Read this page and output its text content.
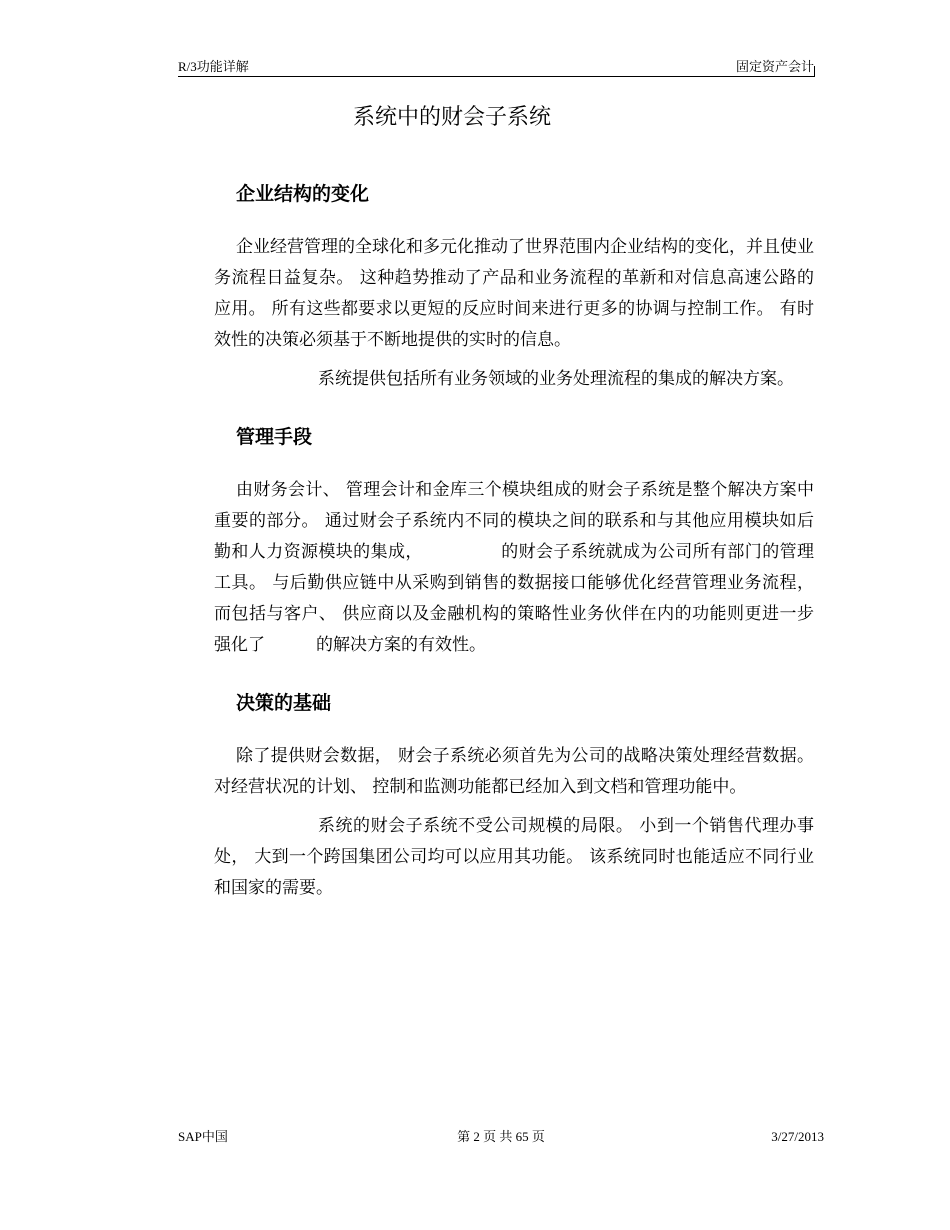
R/3功能详解	固定资产会计
系统中的财会子系统
企业结构的变化

企业经营管理的全球化和多元化推动了世界范围内企业结构的变化，并且使业务流程日益复杂。 这种趋势推动了产品和业务流程的革新和对信息高速公路的应用。 所有这些都要求以更短的反应时间来进行更多的协调与控制工作。 有时效性的决策必须基于不断地提供的实时的信息。

系统提供包括所有业务领域的业务处理流程的集成的解决方案。

管理手段

由财务会计、 管理会计和金库三个模块组成的财会子系统是整个解决方案中重要的部分。 通过财会子系统内不同的模块之间的联系和与其他应用模块如后勤和人力资源模块的集成，　　　　　的财会子系统就成为公司所有部门的管理工具。 与后勤供应链中从采购到销售的数据接口能够优化经营管理业务流程， 而包括与客户、 供应商以及金融机构的策略性业务伙伴在内的功能则更进一步强化了　　　的解决方案的有效性。

决策的基础

除了提供财会数据， 财会子系统必须首先为公司的战略决策处理经营数据。 对经营状况的计划、 控制和监测功能都已经加入到文档和管理功能中。

系统的财会子系统不受公司规模的局限。 小到一个销售代理办事处， 大到一个跨国集团公司均可以应用其功能。 该系统同时也能适应不同行业和国家的需要。

SAP中国	第 2 页 共 65 页	3/27/2013
